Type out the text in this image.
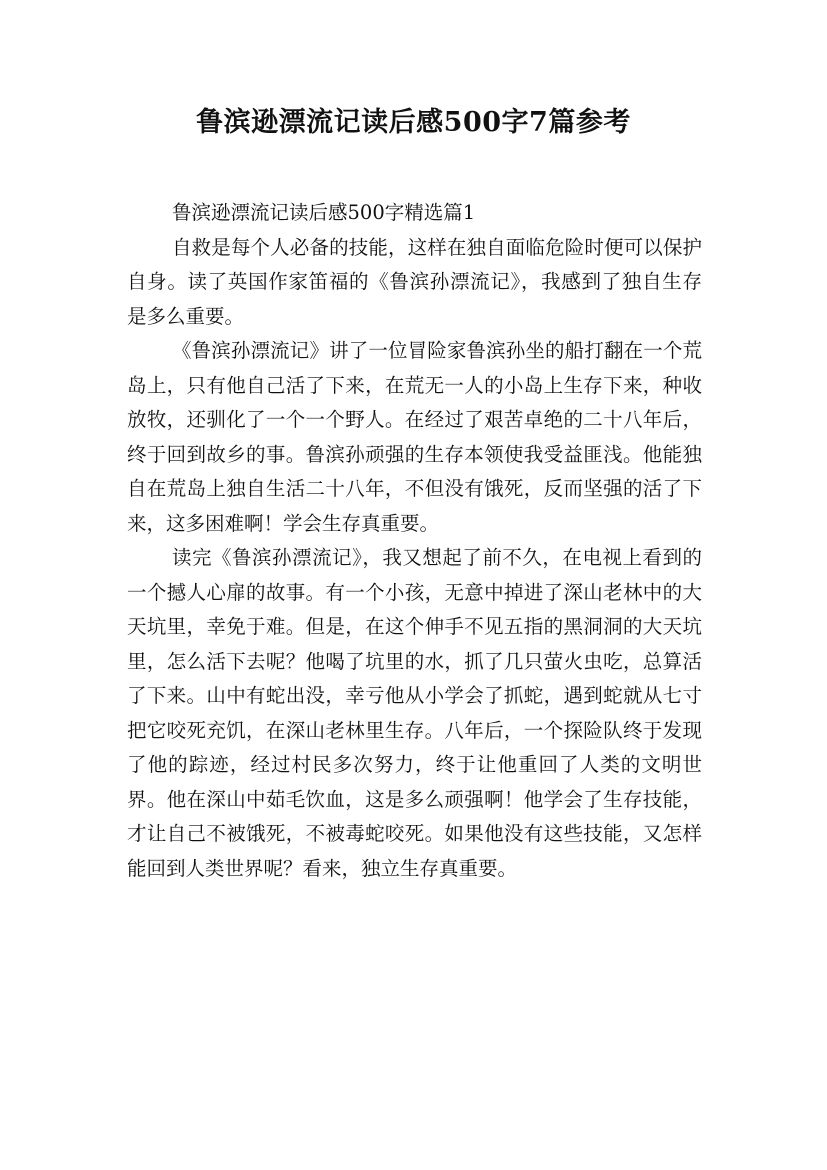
鲁滨逊漂流记读后感500字7篇参考

鲁滨逊漂流记读后感500字精选篇1

自救是每个人必备的技能，这样在独自面临危险时便可以保护自身。读了英国作家笛福的《鲁滨孙漂流记》，我感到了独自生存是多么重要。

《鲁滨孙漂流记》讲了一位冒险家鲁滨孙坐的船打翻在一个荒岛上，只有他自己活了下来，在荒无一人的小岛上生存下来，种收放牧，还驯化了一个一个野人。在经过了艰苦卓绝的二十八年后，终于回到故乡的事。鲁滨孙顽强的生存本领使我受益匪浅。他能独自在荒岛上独自生活二十八年，不但没有饿死，反而坚强的活了下来，这多困难啊！学会生存真重要。

读完《鲁滨孙漂流记》，我又想起了前不久，在电视上看到的一个撼人心扉的故事。有一个小孩，无意中掉进了深山老林中的大天坑里，幸免于难。但是，在这个伸手不见五指的黑洞洞的大天坑里，怎么活下去呢？他喝了坑里的水，抓了几只萤火虫吃，总算活了下来。山中有蛇出没，幸亏他从小学会了抓蛇，遇到蛇就从七寸把它咬死充饥，在深山老林里生存。八年后，一个探险队终于发现了他的踪迹，经过村民多次努力，终于让他重回了人类的文明世界。他在深山中茹毛饮血，这是多么顽强啊！他学会了生存技能，才让自己不被饿死，不被毒蛇咬死。如果他没有这些技能，又怎样能回到人类世界呢？看来，独立生存真重要。
